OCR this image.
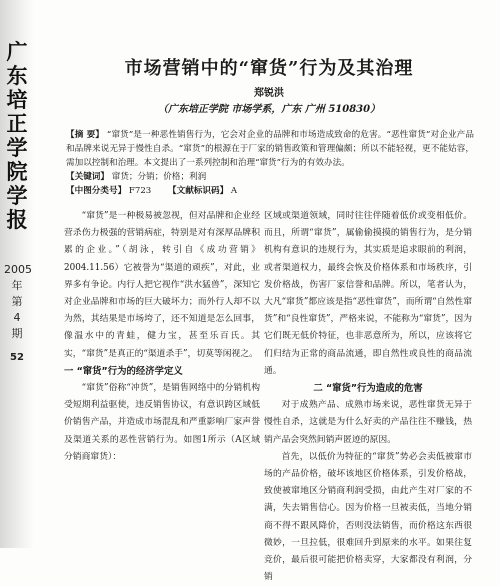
广
东
培
正
学
院
学
报
2005
年
第
4
期
52
市场营销中的“窜货”行为及其治理
郑锐洪
（广东培正学院 市场学系，广东 广州 510830）
【摘 要】 “窜货”是一种恶性销售行为，它会对企业的品牌和市场造成致命的危害。“恶性窜货”对企业产品和品牌来说无异于慢性自杀。“窜货”的根源在于厂家的销售政策和管理偏颇；所以不能轻视，更不能姑容，需加以控制和治理。本文提出了一系列控制和治理“窜货”行为的有效办法。
【关键词】 窜货；分销；价格；利润
【中图分类号】 F723 【文献标识码】 A

“窜货”是一种极易被忽视，但对品牌和企业经营杀伤力极强的营销病症，特别是对有深厚品牌积累的企业。”（胡泳，转引自《成功营销》2004.11.56）它被誉为“渠道的顽疾”，对此，业界多有争论。内行人把它视作“洪水猛兽”，深知它对企业品牌和市场的巨大破坏力；而外行人却不以为然，其结果是市场垮了，还不知道是怎么回事，像温水中的青蛙，健力宝，甚至乐百氏。其实，“窜货”是真正的“渠道杀手”，切莫等闲视之。

一 “窜货”行为的经济学定义

“窜货”俗称“冲货”，是销售网络中的分销机构受短期利益驱使，违反销售协议，有意识跨区域低价销售产品，并造成市场混乱和严重影响厂家声誉及渠道关系的恶性营销行为。如图1所示（A区域分销商窜货）：

区域或渠道领域，同时往往伴随着低价或变相低价。而且，所谓“窜货”，属偷偷摸摸的销售行为，是分销机构有意识的违规行为，其实质是追求眼前的利润，或者渠道权力，最终会恢及价格体系和市场秩序，引发价格战，伤害厂家信誉和品牌。所以，笔者认为，大凡“窜货”都应该是指“恶性窜货”，而所谓“自然性窜货”和“良性窜货”，严格来说，不能称为“窜货”，因为它们既无低价特征，也非恶意所为，所以，应该将它们归结为正常的商品流通，即自然性或良性的商品流通。

二 “窜货”行为造成的危害

对于成熟产品、成熟市场来说，恶性窜货无异于慢性自杀，这就是为什么好卖的产品往往不赚钱，热销产品会突然间销声匿迹的原因。

首先，以低价为特征的“窜货”势必会卖低被窜市场的产品价格，破坏该地区价格体系，引发价格战，致使被窜地区分销商利润受损，由此产生对厂家的不满，失去销售信心。因为价格一旦被卖低，当地分销商不得不跟风降价，否则没法销售，而价格这东西很微妙，一旦拉低，很难回升到原来的水平。如果往复竞价，最后很可能把价格卖穿，大家都没有利润，分销
